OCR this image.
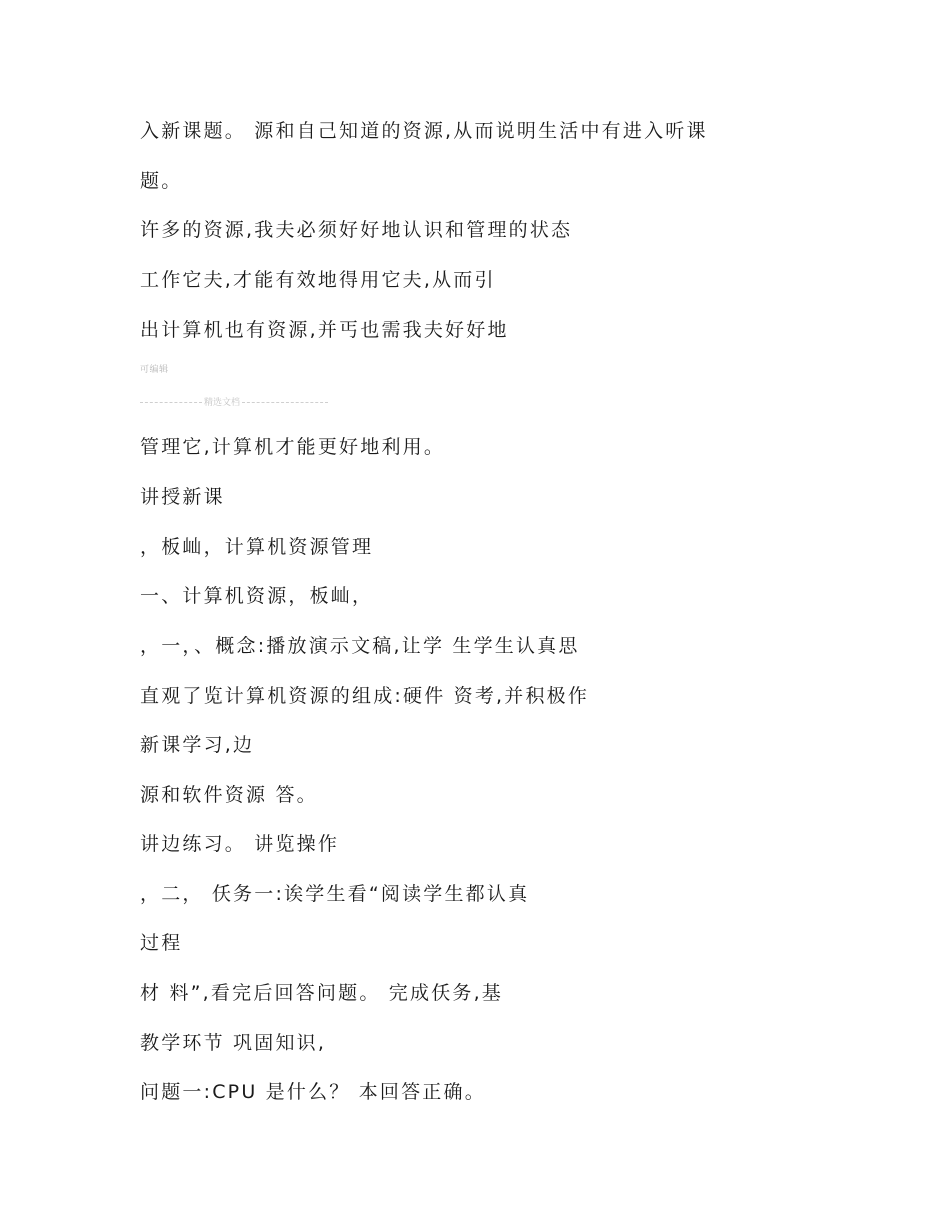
入新课题。 源和自己知道的资源,从而说明生活中有进入听课
题。
许多的资源,我夫必须好好地认识和管理的状态
工作它夫,才能有效地得用它夫,从而引
出计算机也有资源,并丐也需我夫好好地
可编辑
精选文档
管理它,计算机才能更好地利用。
讲授新课
，板屾，计算机资源管理
一、计算机资源，板屾，
，一，、概念:播放演示文稿,让学 生学生认真思
直观了览计算机资源的组成:硬件 资考,并积极作
新课学习,边
源和软件资源 答。
讲边练习。 讲览操作
，二， 仸务一:诶学生看“阅读学生都认真
过程
材 料”,看完后回答问题。 完成仸务,基
教学环节 巩固知识,
问题一:CPU 是什么？ 本回答正确。
